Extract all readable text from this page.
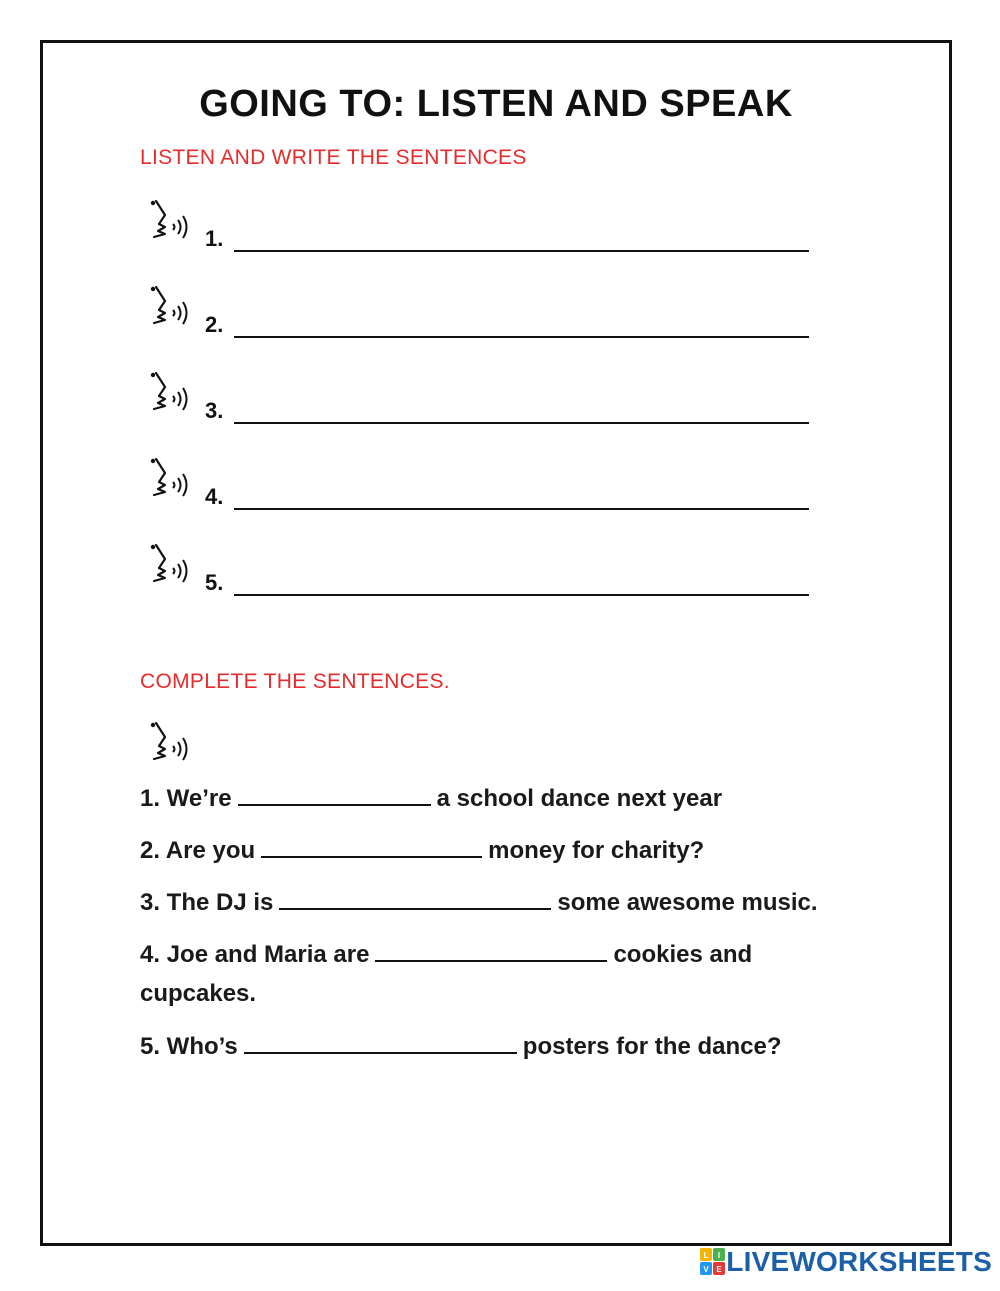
GOING TO: LISTEN AND SPEAK
LISTEN AND WRITE THE SENTENCES
1.
2.
3.
4.
5.
COMPLETE THE SENTENCES.
1. We’re	a school dance next year
2. Are you	money for charity?
3. The DJ is	some awesome music.
4. Joe and Maria are	cookies and cupcakes.
5. Who’s	posters for the dance?
L I
V E LIVEWORKSHEETS
